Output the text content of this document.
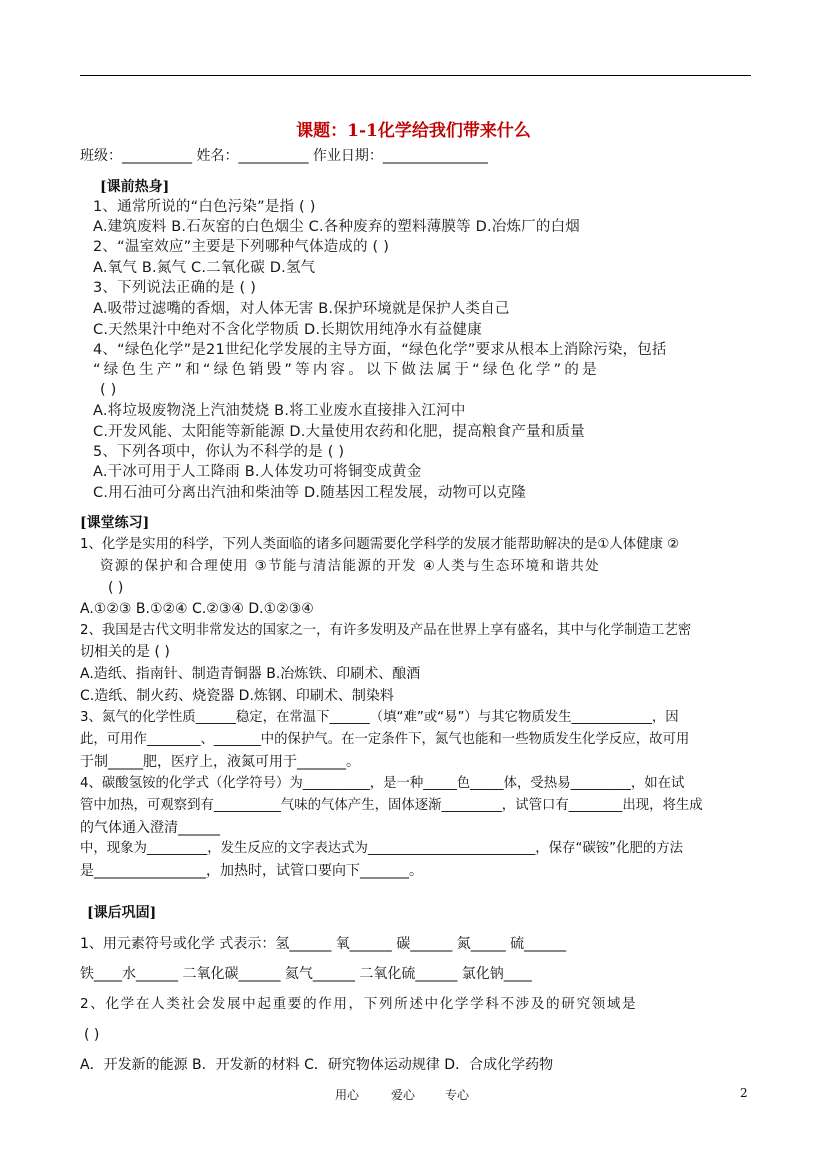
课题：1-1化学给我们带来什么
班级：__________ 姓名：__________ 作业日期：_______________
[课前热身]
1、通常所说的“白色污染”是指 ( )
A.建筑废料 B.石灰窑的白色烟尘 C.各种废弃的塑料薄膜等 D.冶炼厂的白烟
2、“温室效应”主要是下列哪种气体造成的 ( )
A.氧气 B.氮气 C.二氧化碳 D.氢气
3、下列说法正确的是 ( )
A.吸带过滤嘴的香烟，对人体无害 B.保护环境就是保护人类自己
C.天然果汁中绝对不含化学物质 D.长期饮用纯净水有益健康
4、“绿色化学”是21世纪化学发展的主导方面，“绿色化学”要求从根本上消除污染，包括
“绿色生产”和“绿色销毁”等内容。以下做法属于“绿色化学”的是
( )
A.将垃圾废物浇上汽油焚烧 B.将工业废水直接排入江河中
C.开发风能、太阳能等新能源 D.大量使用农药和化肥，提高粮食产量和质量
5、下列各项中，你认为不科学的是 ( )
A.干冰可用于人工降雨 B.人体发功可将铜变成黄金
C.用石油可分离出汽油和柴油等 D.随基因工程发展，动物可以克隆
[课堂练习]
1、化学是实用的科学，下列人类面临的诸多问题需要化学科学的发展才能帮助解决的是①人体健康 ②
资源的保护和合理使用 ③节能与清洁能源的开发 ④人类与生态环境和谐共处
( )
A.①②③ B.①②④ C.②③④ D.①②③④
2、我国是古代文明非常发达的国家之一，有许多发明及产品在世界上享有盛名，其中与化学制造工艺密
切相关的是 ( )
A.造纸、指南针、制造青铜器 B.冶炼铁、印刷术、酿酒
C.造纸、制火药、烧瓷器 D.炼钢、印刷术、制染料
3、氮气的化学性质______稳定，在常温下______（填“难”或“易”）与其它物质发生____________，因
此，可用作________、_______中的保护气。在一定条件下，氮气也能和一些物质发生化学反应，故可用
于制_____肥，医疗上，液氮可用于_______。
4、碳酸氢铵的化学式（化学符号）为__________，是一种_____色_____体，受热易_________，如在试
管中加热，可观察到有__________气味的气体产生，固体逐渐_________，试管口有________出现，将生成
的气体通入澄清______
中，现象为_________，发生反应的文字表达式为_________________________，保存“碳铵”化肥的方法
是________________，加热时，试管口要向下_______。
[课后巩固]
1、用元素符号或化学 式表示：氢______ 氧______ 碳______ 氮_____ 硫______
铁____水______ 二氧化碳______ 氦气______ 二氧化硫______ 氯化钠____
2、化学在人类社会发展中起重要的作用，下列所述中化学学科不涉及的研究领域是
( )
A．开发新的能源 B．开发新的材料 C．研究物体运动规律 D．合成化学药物
用心	爱心 专心	2
